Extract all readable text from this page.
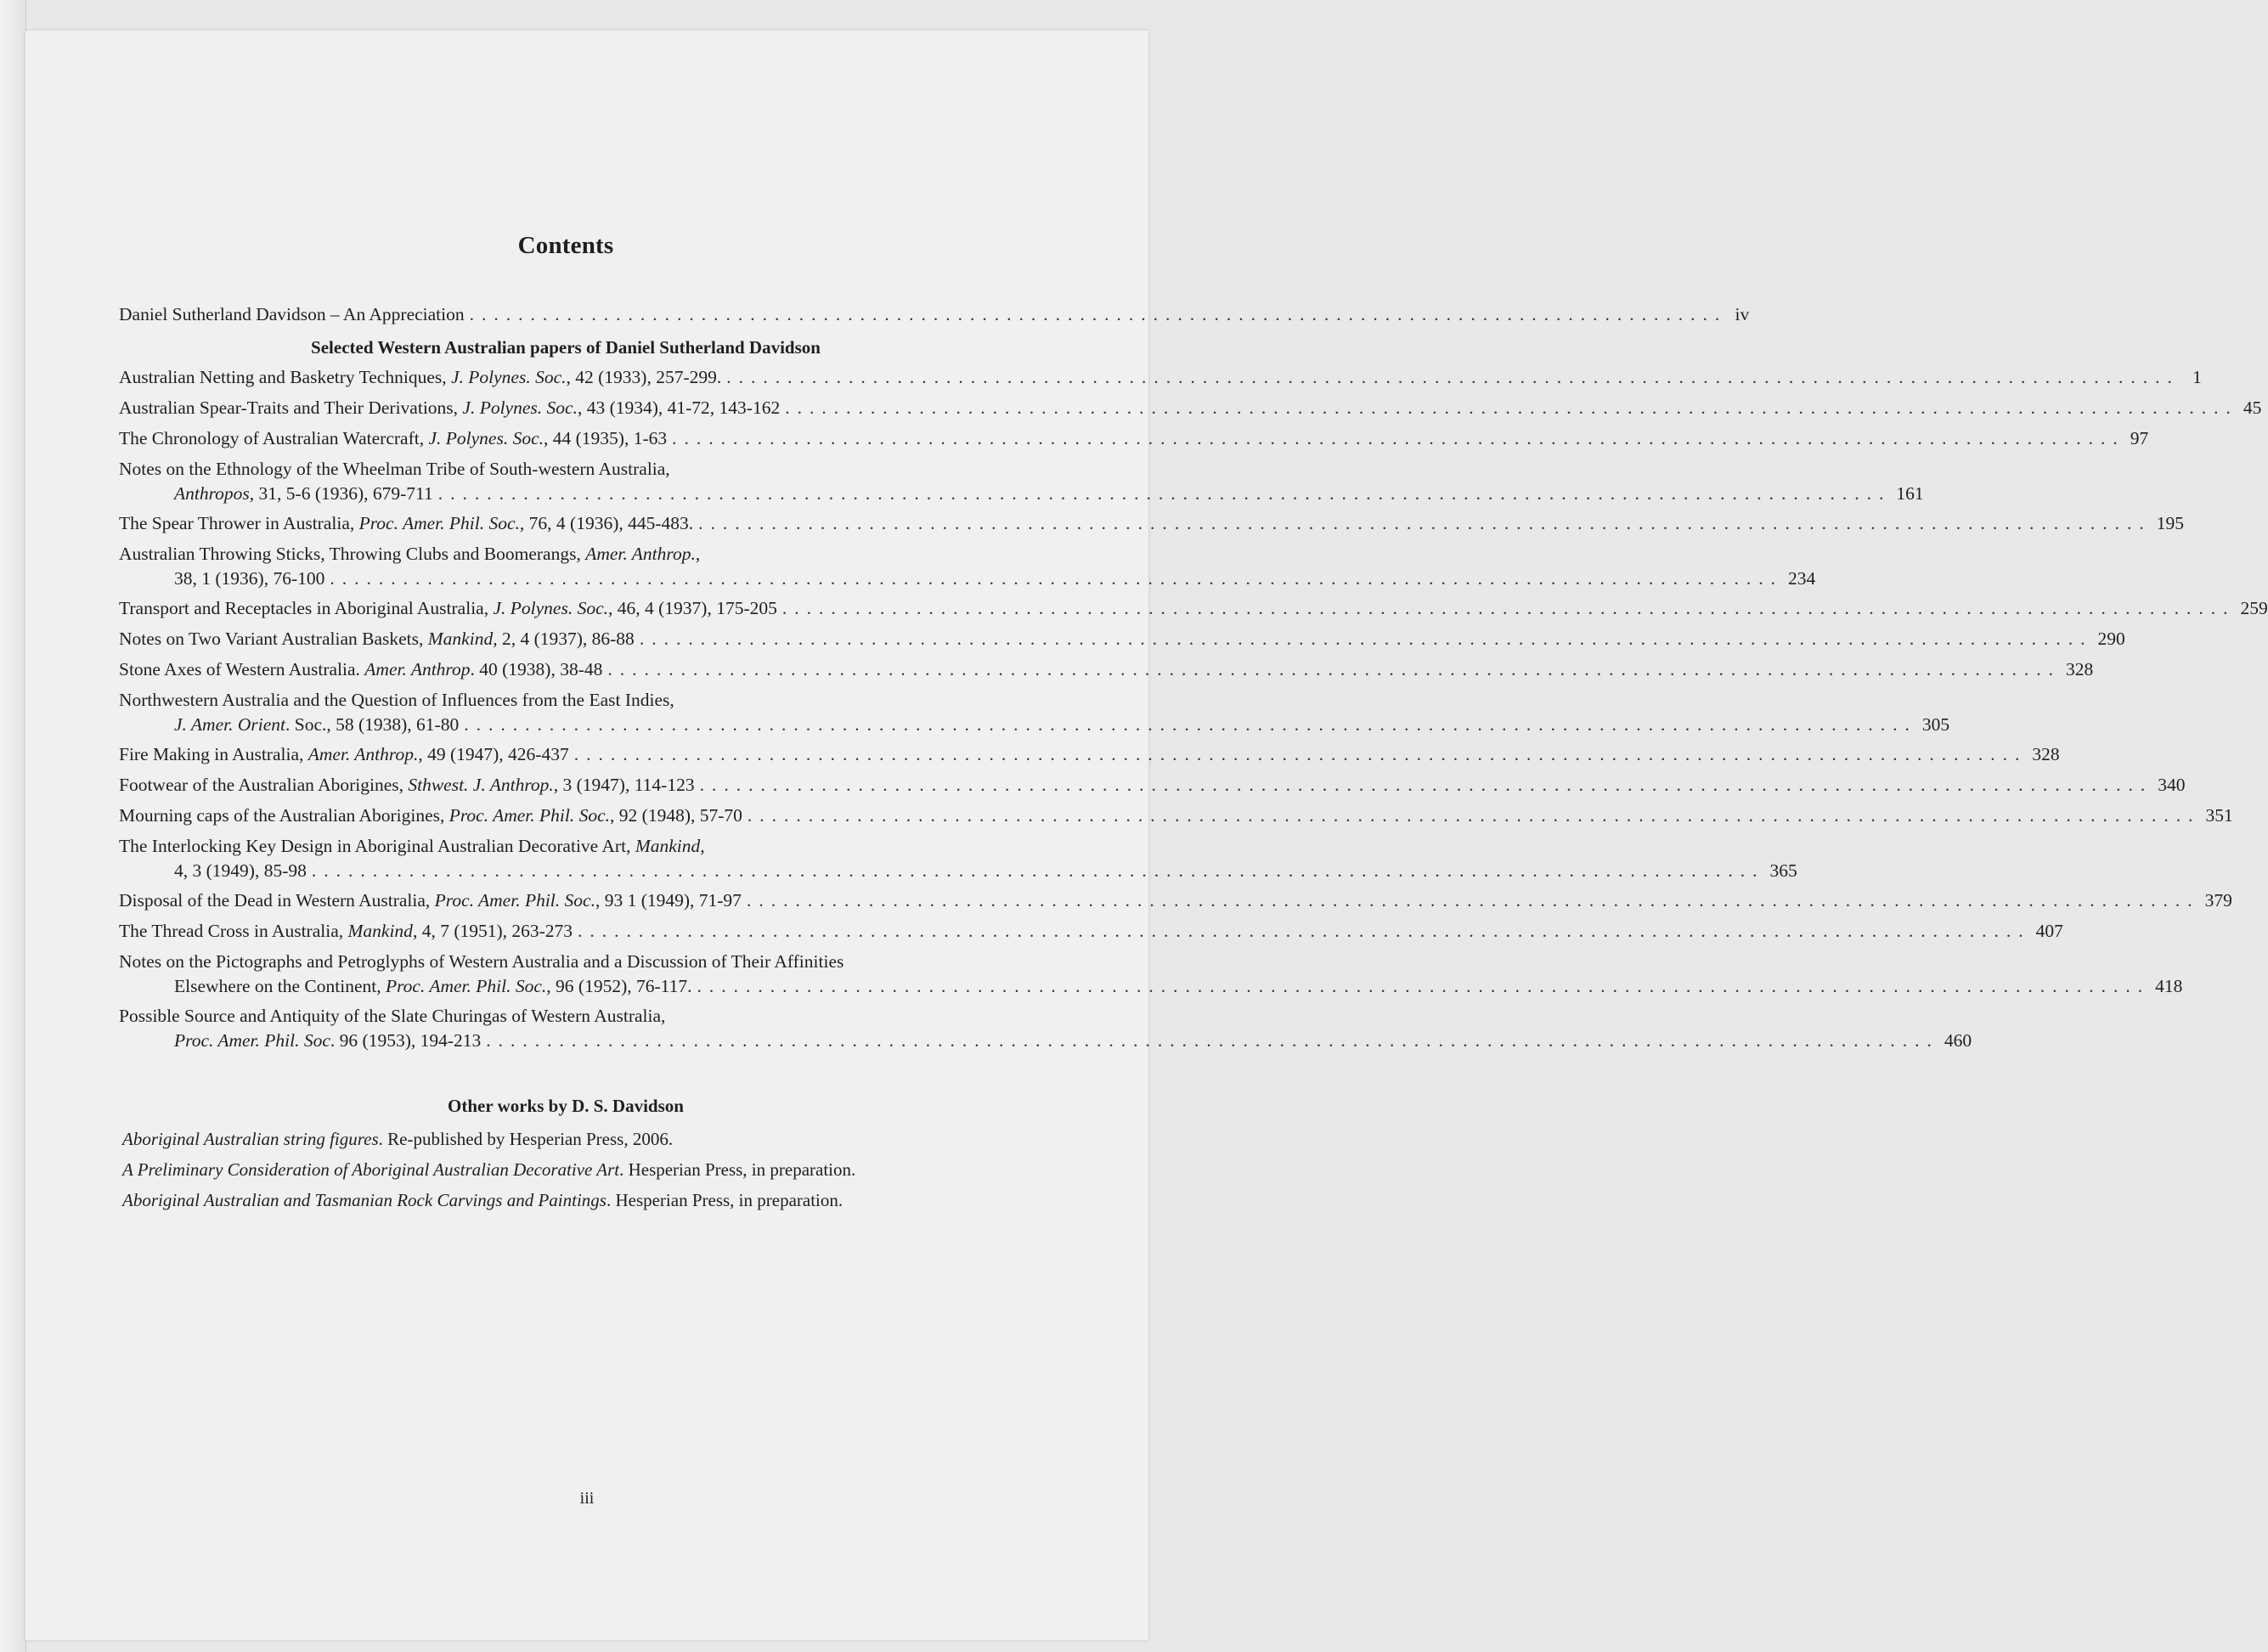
Contents
Daniel Sutherland Davidson – An Appreciation ....................................................................................................... iv
Selected Western Australian papers of Daniel Sutherland Davidson
Australian Netting and Basketry Techniques, J. Polynes. Soc., 42 (1933), 257-299. ....................................................................................................................... 1
Australian Spear-Traits and Their Derivations, J. Polynes. Soc., 43 (1934), 41-72, 143-162 ....................................................................................................................... 45
The Chronology of Australian Watercraft, J. Polynes. Soc., 44 (1935), 1-63 ....................................................................................................................... 97
Notes on the Ethnology of the Wheelman Tribe of South-western Australia,
Anthropos, 31, 5-6 (1936), 679-711 ....................................................................................................................... 161
The Spear Thrower in Australia, Proc. Amer. Phil. Soc., 76, 4 (1936), 445-483. ....................................................................................................................... 195
Australian Throwing Sticks, Throwing Clubs and Boomerangs, Amer. Anthrop.,
38, 1 (1936), 76-100 ....................................................................................................................... 234
Transport and Receptacles in Aboriginal Australia, J. Polynes. Soc., 46, 4 (1937), 175-205 ....................................................................................................................... 259
Notes on Two Variant Australian Baskets, Mankind, 2, 4 (1937), 86-88 ....................................................................................................................... 290
Stone Axes of Western Australia. Amer. Anthrop. 40 (1938), 38-48 ....................................................................................................................... 328
Northwestern Australia and the Question of Influences from the East Indies,
J. Amer. Orient. Soc., 58 (1938), 61-80 ....................................................................................................................... 305
Fire Making in Australia, Amer. Anthrop., 49 (1947), 426-437 ....................................................................................................................... 328
Footwear of the Australian Aborigines, Sthwest. J. Anthrop., 3 (1947), 114-123 ....................................................................................................................... 340
Mourning caps of the Australian Aborigines, Proc. Amer. Phil. Soc., 92 (1948), 57-70 ....................................................................................................................... 351
The Interlocking Key Design in Aboriginal Australian Decorative Art, Mankind,
4, 3 (1949), 85-98 ....................................................................................................................... 365
Disposal of the Dead in Western Australia, Proc. Amer. Phil. Soc., 93 1 (1949), 71-97 ....................................................................................................................... 379
The Thread Cross in Australia, Mankind, 4, 7 (1951), 263-273 ....................................................................................................................... 407
Notes on the Pictographs and Petroglyphs of Western Australia and a Discussion of Their Affinities
Elsewhere on the Continent, Proc. Amer. Phil. Soc., 96 (1952), 76-117. ....................................................................................................................... 418
Possible Source and Antiquity of the Slate Churingas of Western Australia,
Proc. Amer. Phil. Soc. 96 (1953), 194-213 ....................................................................................................................... 460
Other works by D. S. Davidson
Aboriginal Australian string figures. Re-published by Hesperian Press, 2006.
A Preliminary Consideration of Aboriginal Australian Decorative Art. Hesperian Press, in preparation.
Aboriginal Australian and Tasmanian Rock Carvings and Paintings. Hesperian Press, in preparation.
iii
